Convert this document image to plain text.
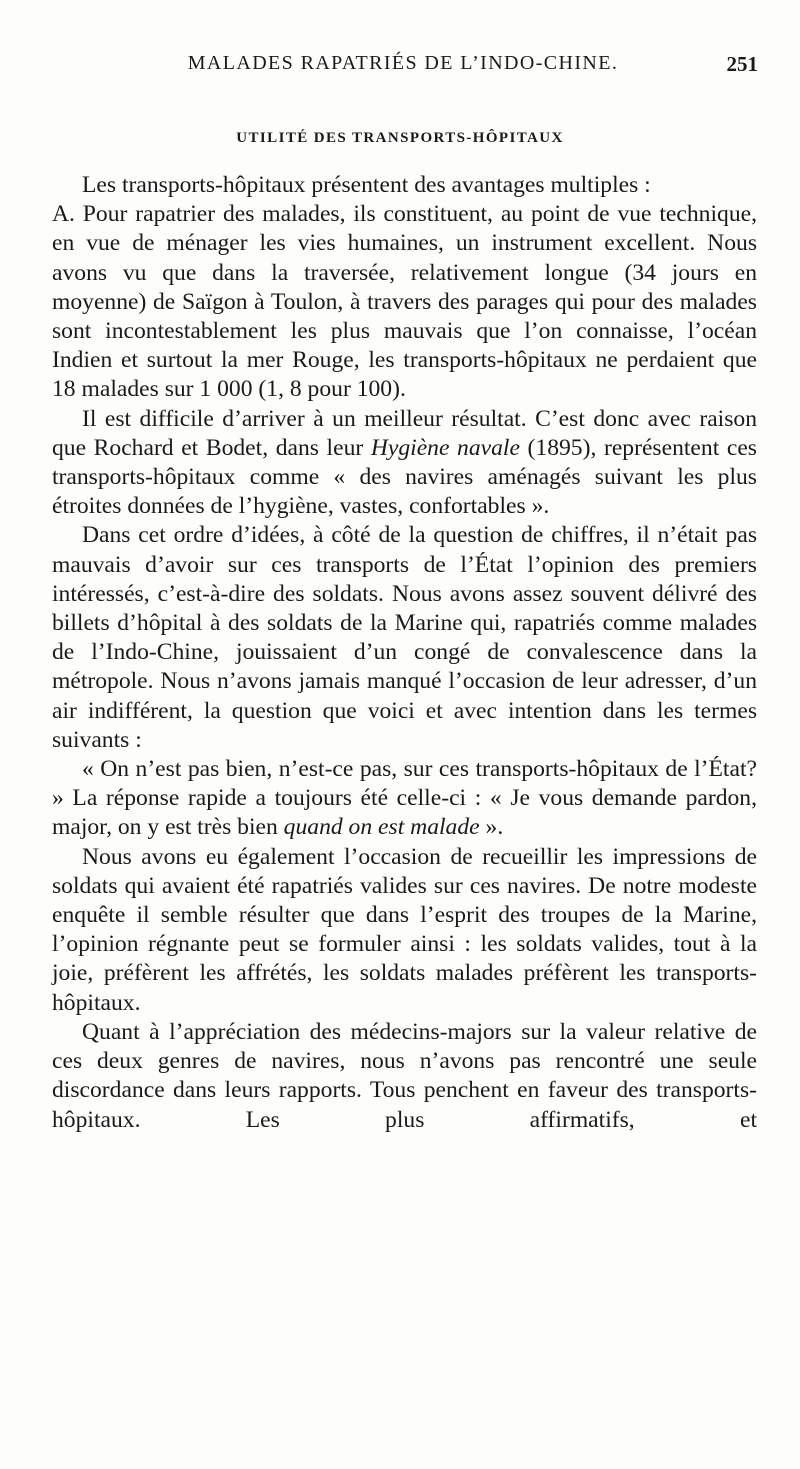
MALADES RAPATRIÉS DE L’INDO-CHINE.	251
UTILITÉ DES TRANSPORTS-HÔPITAUX

Les transports-hôpitaux présentent des avantages multiples :

A. Pour rapatrier des malades, ils constituent, au point de vue technique, en vue de ménager les vies humaines, un instrument excellent. Nous avons vu que dans la traversée, relativement longue (34 jours en moyenne) de Saïgon à Toulon, à travers des parages qui pour des malades sont incontestablement les plus mauvais que l’on connaisse, l’océan Indien et surtout la mer Rouge, les transports-hôpitaux ne perdaient que 18 malades sur 1 000 (1, 8 pour 100).

Il est difficile d’arriver à un meilleur résultat. C’est donc avec raison que Rochard et Bodet, dans leur Hygiène navale (1895), représentent ces transports-hôpitaux comme « des navires aménagés suivant les plus étroites données de l’hygiène, vastes, confortables ».

Dans cet ordre d’idées, à côté de la question de chiffres, il n’était pas mauvais d’avoir sur ces transports de l’État l’opinion des premiers intéressés, c’est-à-dire des soldats. Nous avons assez souvent délivré des billets d’hôpital à des soldats de la Marine qui, rapatriés comme malades de l’Indo-Chine, jouissaient d’un congé de convalescence dans la métropole. Nous n’avons jamais manqué l’occasion de leur adresser, d’un air indifférent, la question que voici et avec intention dans les termes suivants :

« On n’est pas bien, n’est-ce pas, sur ces transports-hôpitaux de l’État? » La réponse rapide a toujours été celle-ci : « Je vous demande pardon, major, on y est très bien quand on est malade ».

Nous avons eu également l’occasion de recueillir les impressions de soldats qui avaient été rapatriés valides sur ces navires. De notre modeste enquête il semble résulter que dans l’esprit des troupes de la Marine, l’opinion régnante peut se formuler ainsi : les soldats valides, tout à la joie, préfèrent les affrétés, les soldats malades préfèrent les transports-hôpitaux.

Quant à l’appréciation des médecins-majors sur la valeur relative de ces deux genres de navires, nous n’avons pas rencontré une seule discordance dans leurs rapports. Tous penchent en faveur des transports-hôpitaux. Les plus affirmatifs, et
